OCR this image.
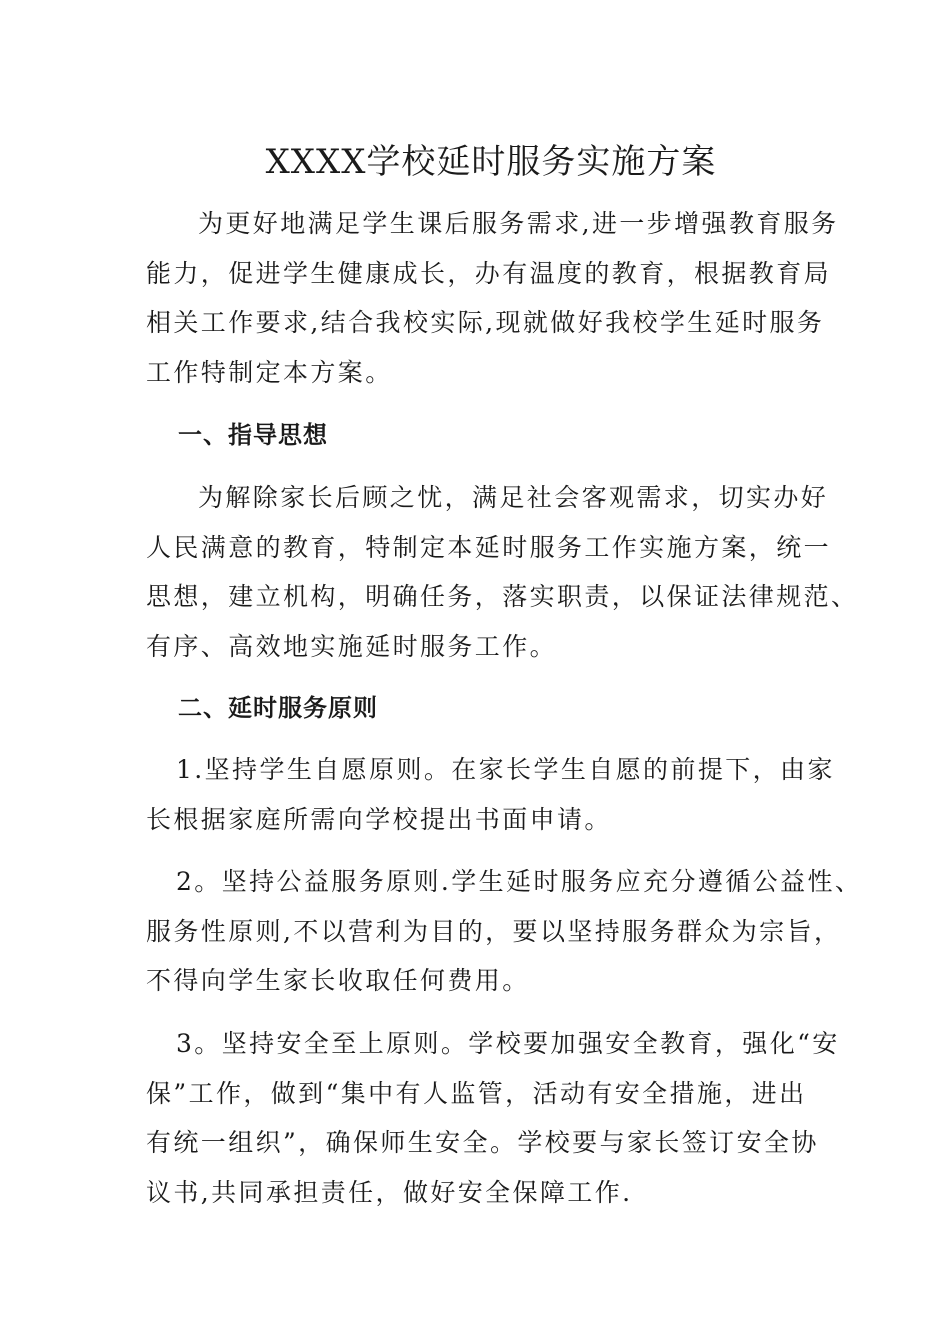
XXXX学校延时服务实施方案

为更好地满足学生课后服务需求,进一步增强教育服务
能力，促进学生健康成长，办有温度的教育，根据教育局
相关工作要求,结合我校实际,现就做好我校学生延时服务
工作特制定本方案。

一、指导思想

为解除家长后顾之忧，满足社会客观需求，切实办好
人民满意的教育，特制定本延时服务工作实施方案，统一
思想，建立机构，明确任务，落实职责，以保证法律规范、
有序、高效地实施延时服务工作。

二、延时服务原则

1.坚持学生自愿原则。在家长学生自愿的前提下，由家
长根据家庭所需向学校提出书面申请。

2。坚持公益服务原则.学生延时服务应充分遵循公益性、
服务性原则,不以营利为目的，要以坚持服务群众为宗旨，
不得向学生家长收取任何费用。

3。坚持安全至上原则。学校要加强安全教育，强化“安
保”工作，做到“集中有人监管，活动有安全措施，进出
有统一组织”，确保师生安全。学校要与家长签订安全协
议书,共同承担责任，做好安全保障工作.
